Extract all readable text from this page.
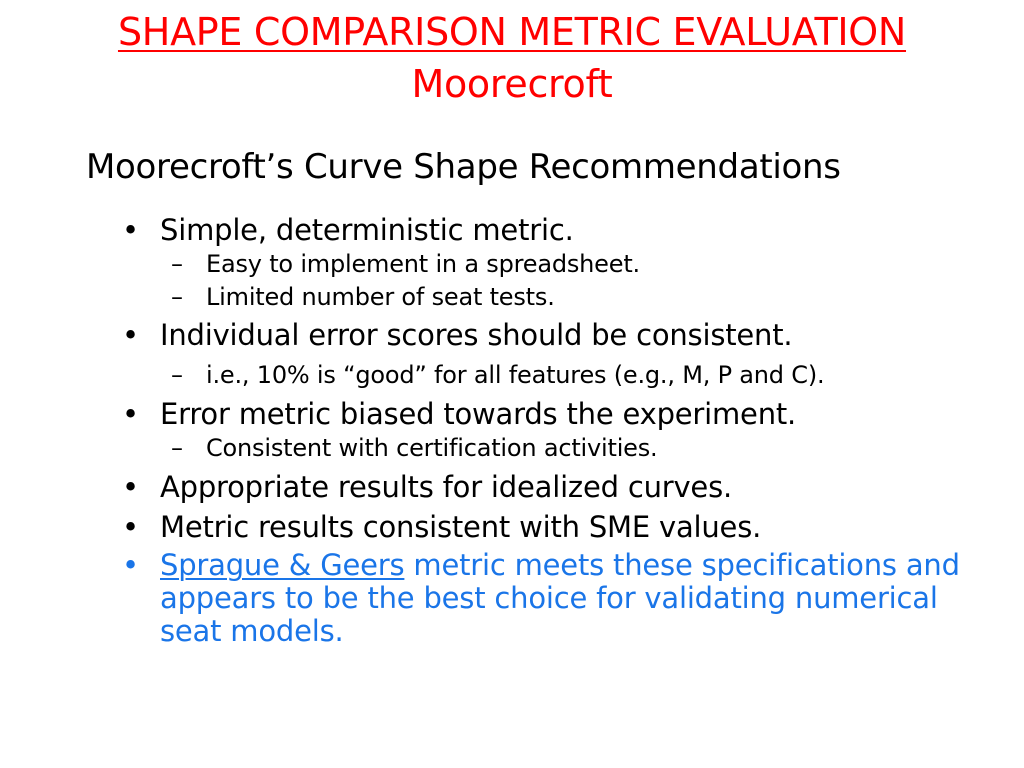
SHAPE COMPARISON METRIC EVALUATION
Moorecroft
Moorecroft’s Curve Shape Recommendations
• Simple, deterministic metric.
– Easy to implement in a spreadsheet.
– Limited number of seat tests.
• Individual error scores should be consistent.
– i.e., 10% is “good” for all features (e.g., M, P and C).
• Error metric biased towards the experiment.
– Consistent with certification activities.
• Appropriate results for idealized curves.
• Metric results consistent with SME values.
• Sprague & Geers metric meets these specifications and appears to be the best choice for validating numerical seat models.
